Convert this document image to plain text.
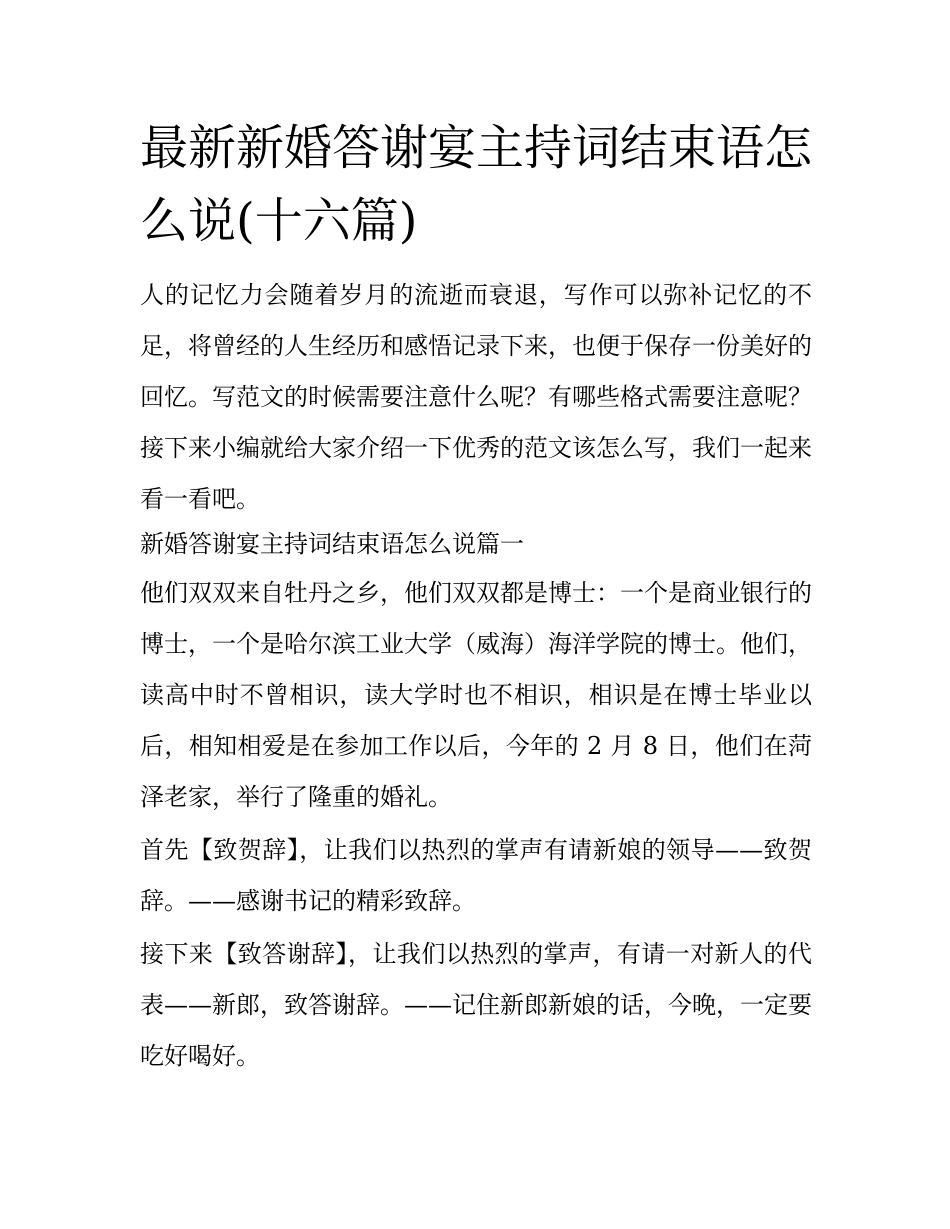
最新新婚答谢宴主持词结束语怎么说(十六篇)

人的记忆力会随着岁月的流逝而衰退，写作可以弥补记忆的不足，将曾经的人生经历和感悟记录下来，也便于保存一份美好的回忆。写范文的时候需要注意什么呢？有哪些格式需要注意呢？接下来小编就给大家介绍一下优秀的范文该怎么写，我们一起来看一看吧。

新婚答谢宴主持词结束语怎么说篇一

他们双双来自牡丹之乡，他们双双都是博士：一个是商业银行的博士，一个是哈尔滨工业大学（威海）海洋学院的博士。他们，读高中时不曾相识，读大学时也不相识，相识是在博士毕业以后，相知相爱是在参加工作以后，今年的 2 月 8 日，他们在菏泽老家，举行了隆重的婚礼。

首先【致贺辞】，让我们以热烈的掌声有请新娘的领导——致贺辞。——感谢书记的精彩致辞。

接下来【致答谢辞】，让我们以热烈的掌声，有请一对新人的代表——新郎，致答谢辞。——记住新郎新娘的话，今晚，一定要吃好喝好。
